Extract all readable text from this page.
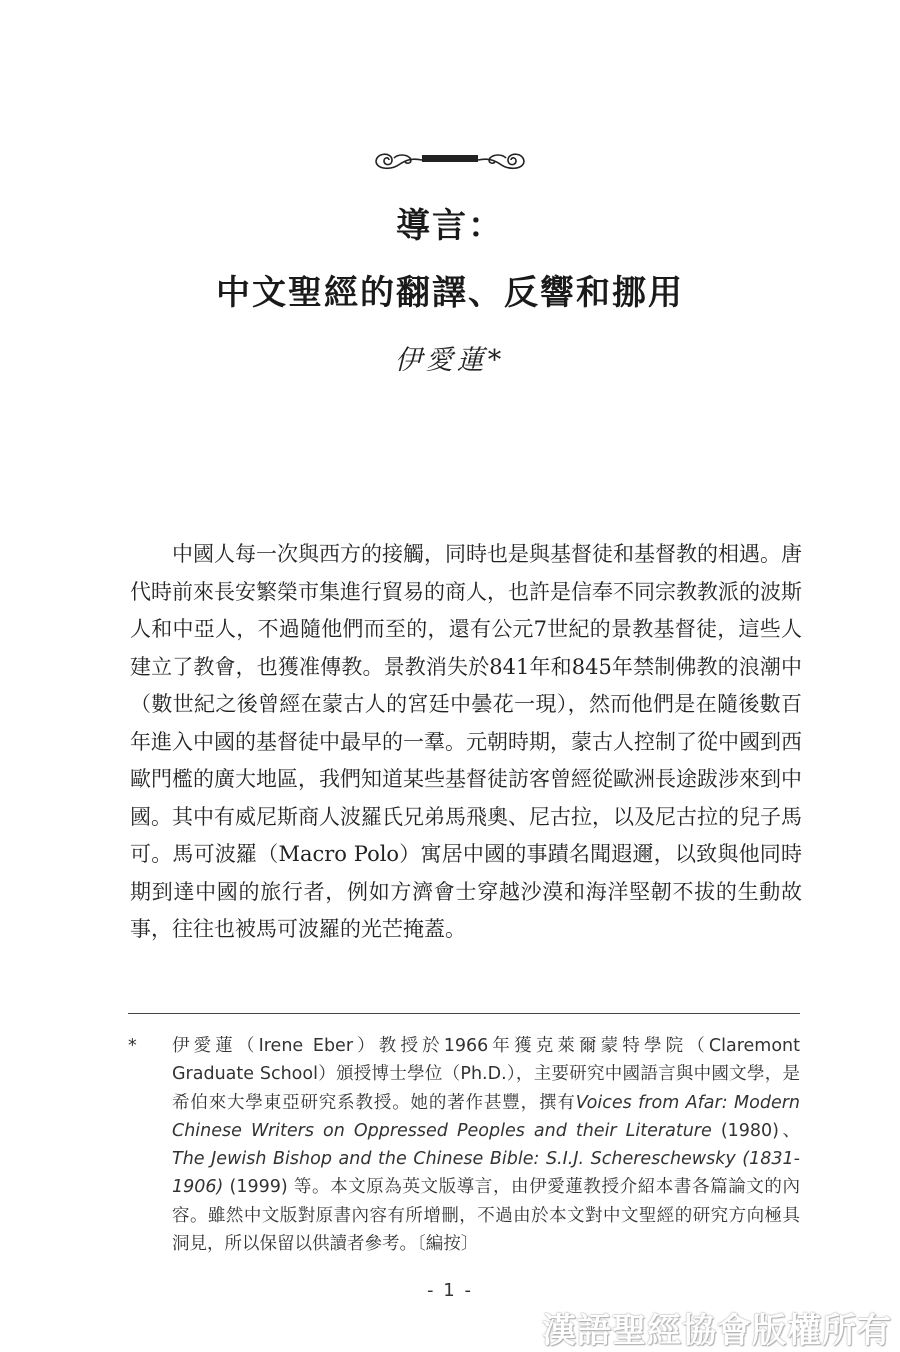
導言：
中文聖經的翻譯、反響和挪用
伊愛蓮*

中國人每一次與西方的接觸，同時也是與基督徒和基督教的相遇。唐代時前來長安繁榮市集進行貿易的商人，也許是信奉不同宗教教派的波斯人和中亞人，不過隨他們而至的，還有公元7世紀的景教基督徒，這些人建立了教會，也獲准傳教。景教消失於841年和845年禁制佛教的浪潮中（數世紀之後曾經在蒙古人的宮廷中曇花一現），然而他們是在隨後數百年進入中國的基督徒中最早的一羣。元朝時期，蒙古人控制了從中國到西歐門檻的廣大地區，我們知道某些基督徒訪客曾經從歐洲長途跋涉來到中國。其中有威尼斯商人波羅氏兄弟馬飛奧、尼古拉，以及尼古拉的兒子馬可。馬可波羅（Macro Polo）寓居中國的事蹟名聞遐邇，以致與他同時期到達中國的旅行者，例如方濟會士穿越沙漠和海洋堅韌不拔的生動故事，往往也被馬可波羅的光芒掩蓋。

*	伊愛蓮（Irene Eber）教授於1966年獲克萊爾蒙特學院（Claremont Graduate School）頒授博士學位（Ph.D.），主要研究中國語言與中國文學，是希伯來大學東亞研究系教授。她的著作甚豐，撰有Voices from Afar: Modern Chinese Writers on Oppressed Peoples and their Literature (1980)、The Jewish Bishop and the Chinese Bible: S.I.J. Schereschewsky (1831-1906) (1999) 等。本文原為英文版導言，由伊愛蓮教授介紹本書各篇論文的內容。雖然中文版對原書內容有所增刪，不過由於本文對中文聖經的研究方向極具洞見，所以保留以供讀者參考。〔編按〕
- 1 -
漢語聖經協會版權所有
